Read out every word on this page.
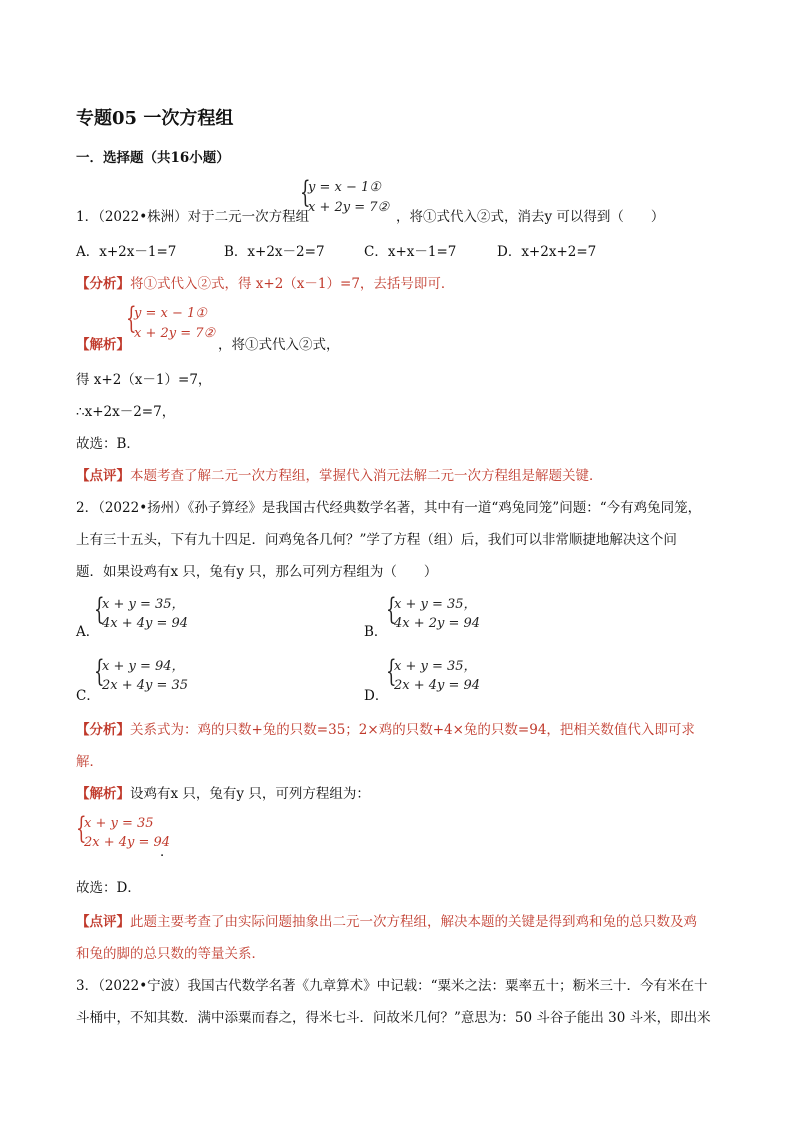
专题05 一次方程组
一．选择题（共16小题）
1．（2022•株洲）对于二元一次方程组
{
y = x − 1①
x + 2y = 7②
，将①式代入②式，消去y 可以得到（　　）
A．x+2x－1=7	B．x+2x－2=7	C．x+x－1=7	D．x+2x+2=7
【分析】将①式代入②式，得 x+2（x－1）=7，去括号即可．
【解析】
{
y = x − 1①
x + 2y = 7②
，将①式代入②式，
得 x+2（x－1）=7，
∴x+2x－2=7，
故选：B．
【点评】本题考查了解二元一次方程组，掌握代入消元法解二元一次方程组是解题关键．
2．（2022•扬州）《孙子算经》是我国古代经典数学名著，其中有一道“鸡兔同笼”问题：“今有鸡兔同笼，
上有三十五头，下有九十四足．问鸡兔各几何？”学了方程（组）后，我们可以非常顺捷地解决这个问
题．如果设鸡有x 只，兔有y 只，那么可列方程组为（　　）
A．
{
x + y = 35，
4x + 4y = 94
B．
{
x + y = 35，
4x + 2y = 94
C．
{
x + y = 94，
2x + 4y = 35
D．
{
x + y = 35，
2x + 4y = 94
【分析】关系式为：鸡的只数+兔的只数=35；2×鸡的只数+4×兔的只数=94，把相关数值代入即可求
解．
【解析】设鸡有x 只，兔有y 只，可列方程组为：
{
x + y = 35
2x + 4y = 94
．
故选：D．
【点评】此题主要考查了由实际问题抽象出二元一次方程组，解决本题的关键是得到鸡和兔的总只数及鸡
和兔的脚的总只数的等量关系．
3．（2022•宁波）我国古代数学名著《九章算术》中记载：“粟米之法：粟率五十；粝米三十．今有米在十
斗桶中，不知其数．满中添粟而舂之，得米七斗．问故米几何？”意思为：50 斗谷子能出 30 斗米，即出米
